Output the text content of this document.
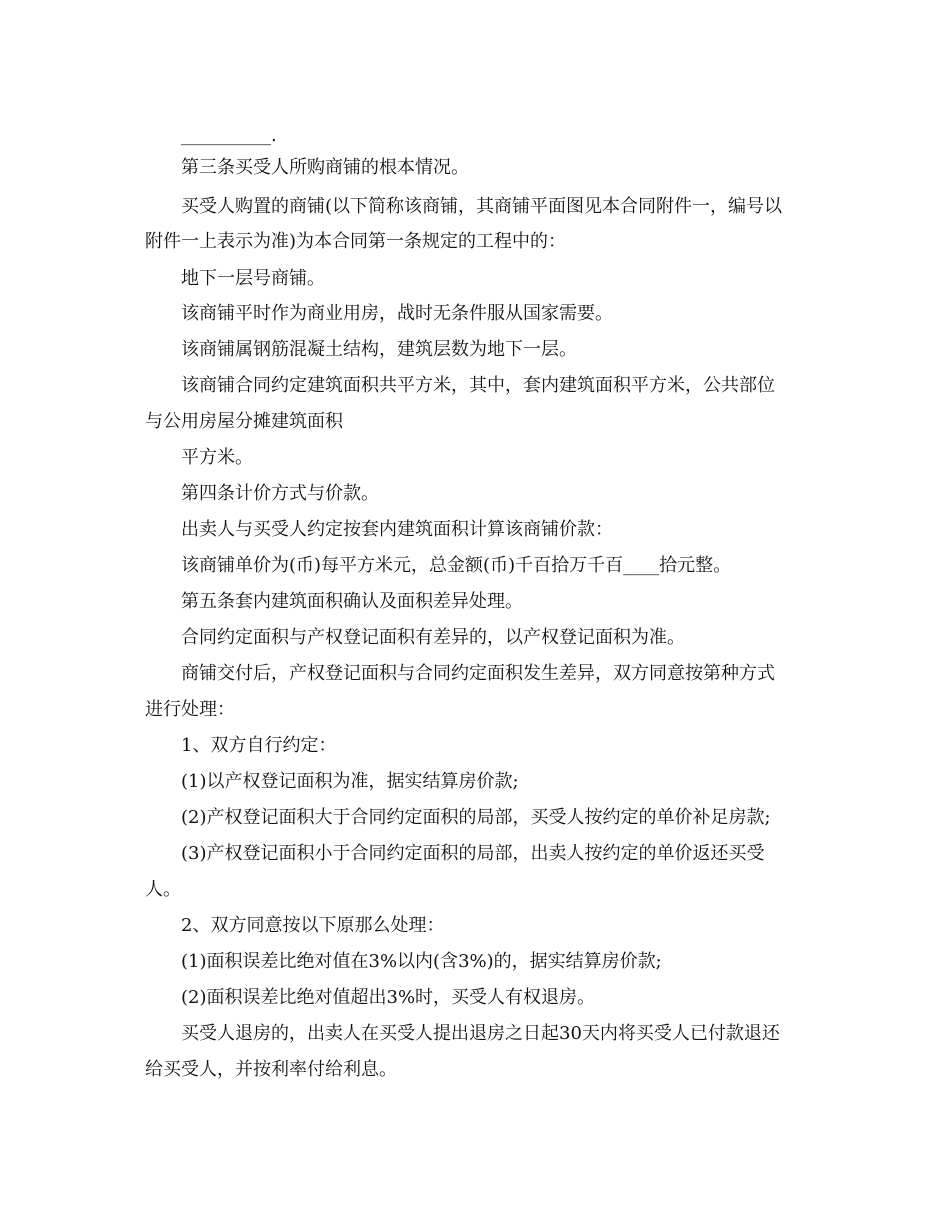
__________.
第三条买受人所购商铺的根本情况。
买受人购置的商铺(以下简称该商铺，其商铺平面图见本合同附件一，编号以
附件一上表示为准)为本合同第一条规定的工程中的：
地下一层号商铺。
该商铺平时作为商业用房，战时无条件服从国家需要。
该商铺属钢筋混凝土结构，建筑层数为地下一层。
该商铺合同约定建筑面积共平方米，其中，套内建筑面积平方米，公共部位
与公用房屋分摊建筑面积
平方米。
第四条计价方式与价款。
出卖人与买受人约定按套内建筑面积计算该商铺价款：
该商铺单价为(币)每平方米元，总金额(币)千百拾万千百____拾元整。
第五条套内建筑面积确认及面积差异处理。
合同约定面积与产权登记面积有差异的，以产权登记面积为准。
商铺交付后，产权登记面积与合同约定面积发生差异，双方同意按第种方式
进行处理：
1、双方自行约定：
(1)以产权登记面积为准，据实结算房价款;
(2)产权登记面积大于合同约定面积的局部，买受人按约定的单价补足房款;
(3)产权登记面积小于合同约定面积的局部，出卖人按约定的单价返还买受
人。
2、双方同意按以下原那么处理：
(1)面积误差比绝对值在3%以内(含3%)的，据实结算房价款;
(2)面积误差比绝对值超出3%时，买受人有权退房。
买受人退房的，出卖人在买受人提出退房之日起30天内将买受人已付款退还
给买受人，并按利率付给利息。
